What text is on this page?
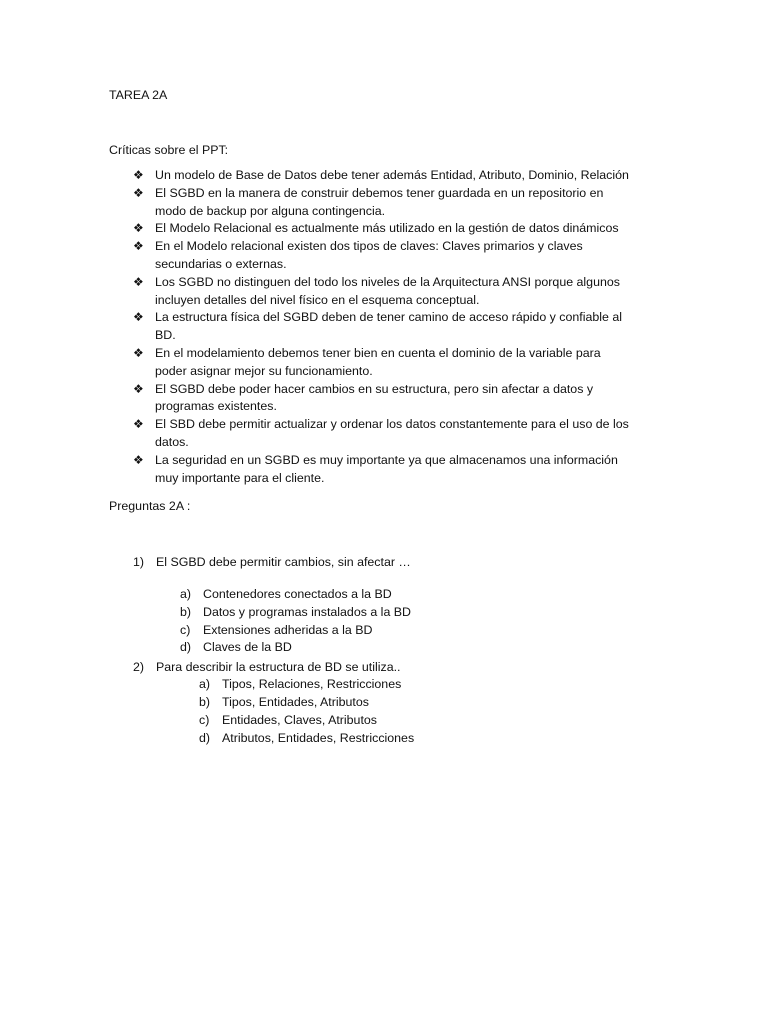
TAREA 2A
Críticas sobre el PPT:
❖ Un modelo de Base de Datos debe tener además Entidad, Atributo, Dominio, Relación
❖ El SGBD en la manera de construir debemos tener guardada en un repositorio en
modo de backup por alguna contingencia.
❖ El Modelo Relacional es actualmente más utilizado en la gestión de datos dinámicos
❖ En el Modelo relacional existen dos tipos de claves: Claves primarios y claves
secundarias o externas.
❖ Los SGBD no distinguen del todo los niveles de la Arquitectura ANSI porque algunos
incluyen detalles del nivel físico en el esquema conceptual.
❖ La estructura física del SGBD deben de tener camino de acceso rápido y confiable al
BD.
❖ En el modelamiento debemos tener bien en cuenta el dominio de la variable para
poder asignar mejor su funcionamiento.
❖ El SGBD debe poder hacer cambios en su estructura, pero sin afectar a datos y
programas existentes.
❖ El SBD debe permitir actualizar y ordenar los datos constantemente para el uso de los
datos.
❖ La seguridad en un SGBD es muy importante ya que almacenamos una información
muy importante para el cliente.
Preguntas 2A :
1) El SGBD debe permitir cambios, sin afectar …
a) Contenedores conectados a la BD
b) Datos y programas instalados a la BD
c) Extensiones adheridas a la BD
d) Claves de la BD
2) Para describir la estructura de BD se utiliza..
a) Tipos, Relaciones, Restricciones
b) Tipos, Entidades, Atributos
c) Entidades, Claves, Atributos
d) Atributos, Entidades, Restricciones
